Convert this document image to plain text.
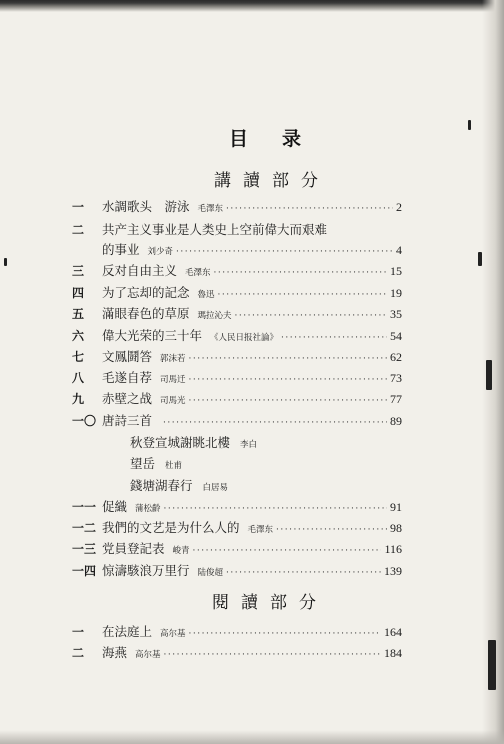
目录
講讀部分
閱讀部分
一	水調歌头　游泳 毛澤东 ·····	2
二	共产主义事业是人类史上空前偉大而艰难
的事业 刘少奇 ·····	4
三	反对自由主义 毛澤东 ·····	15
四	为了忘却的記念 魯迅 ·····	19
五	滿眼春色的草原 瑪拉沁夫 ·····	35
六	偉大光荣的三十年 《人民日报社論》 ·····	54
七	文鳳鬪答 郭沫若 ·····	62
八	毛遂自荐 司馬迁 ·····	73
九	赤壁之战 司馬光 ·····	77
一〇 唐詩三首 ·····	89
秋登宣城謝眺北樓 李白
望岳 杜甫
錢塘湖春行 白居易
一一 促織 蒲松齡 ·····	91
一二 我們的文艺是为什么人的 毛澤东 ·····	98
一三 党員登記表 峻青 ·····	116
一四 惊濤駭浪万里行 陆俊超 ·····	139
一	在法庭上 高尔基 ·····	164
二	海燕 高尔基 ·····	184
